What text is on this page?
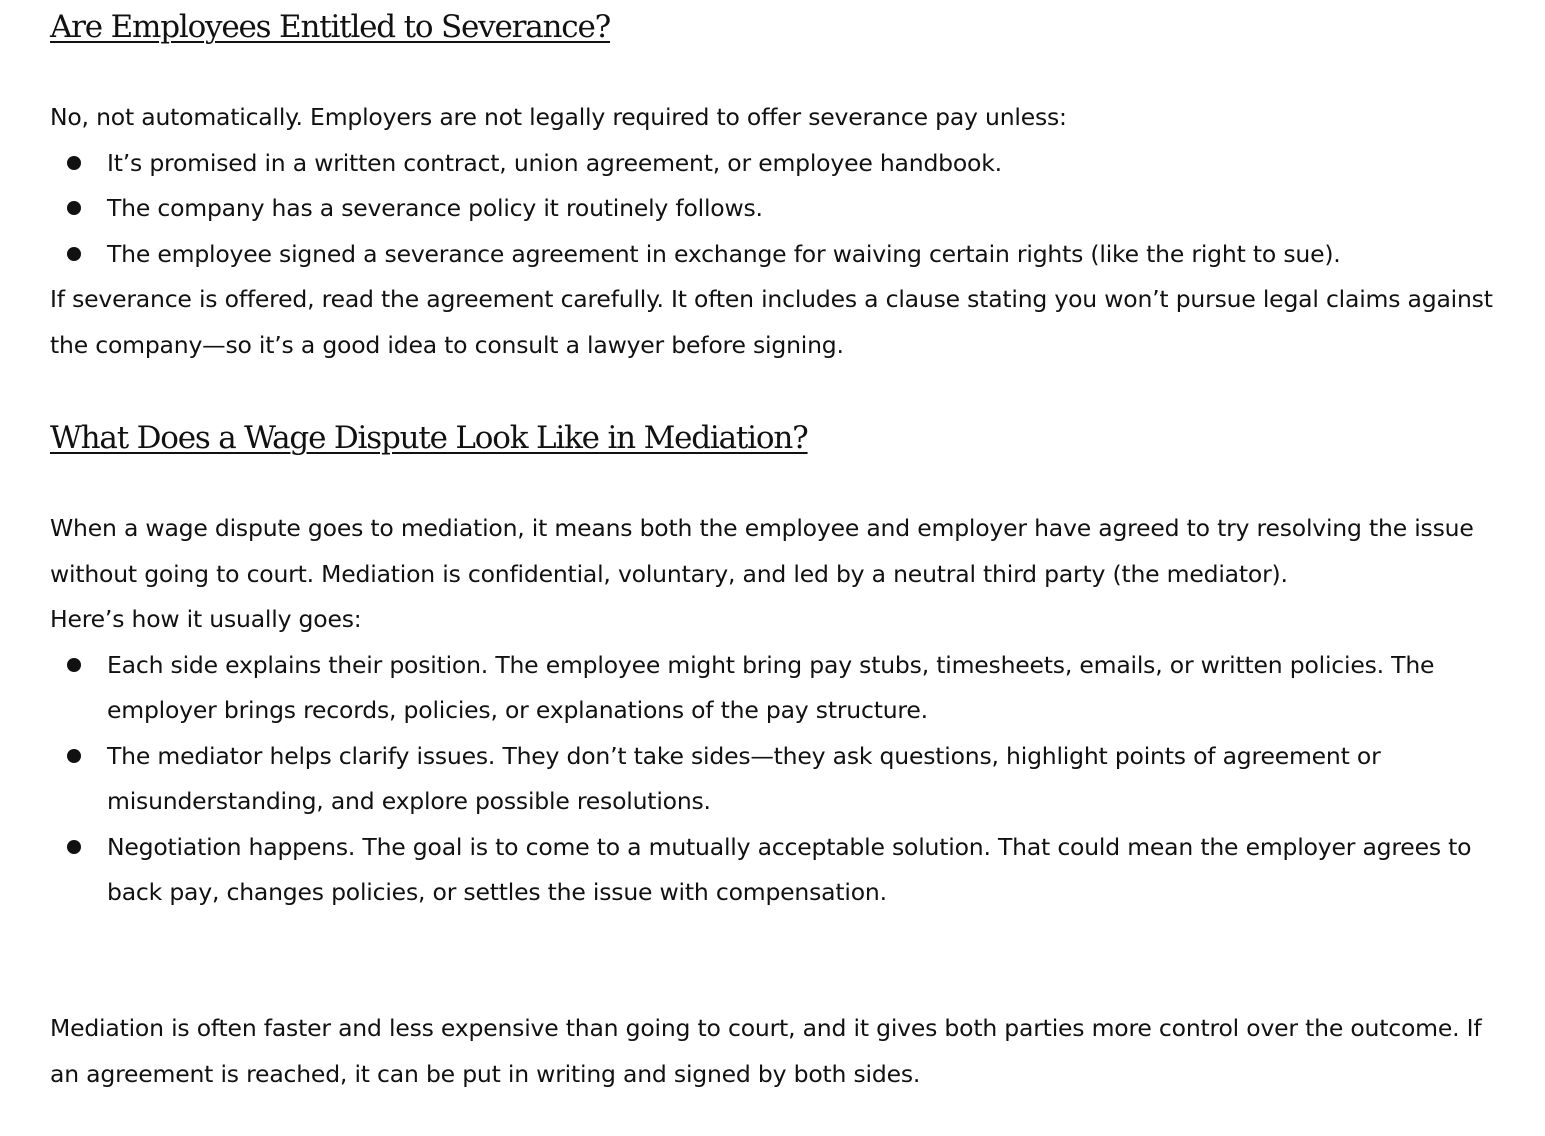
Are Employees Entitled to Severance?

No, not automatically. Employers are not legally required to offer severance pay unless:

It’s promised in a written contract, union agreement, or employee handbook.
The company has a severance policy it routinely follows.
The employee signed a severance agreement in exchange for waiving certain rights (like the right to sue).

If severance is offered, read the agreement carefully. It often includes a clause stating you won’t pursue legal claims against the company—so it’s a good idea to consult a lawyer before signing.

What Does a Wage Dispute Look Like in Mediation?

When a wage dispute goes to mediation, it means both the employee and employer have agreed to try resolving the issue without going to court. Mediation is confidential, voluntary, and led by a neutral third party (the mediator).

Here’s how it usually goes:

Each side explains their position. The employee might bring pay stubs, timesheets, emails, or written policies. The employer brings records, policies, or explanations of the pay structure.
The mediator helps clarify issues. They don’t take sides—they ask questions, highlight points of agreement or misunderstanding, and explore possible resolutions.
Negotiation happens. The goal is to come to a mutually acceptable solution. That could mean the employer agrees to back pay, changes policies, or settles the issue with compensation.

Mediation is often faster and less expensive than going to court, and it gives both parties more control over the outcome. If an agreement is reached, it can be put in writing and signed by both sides.
